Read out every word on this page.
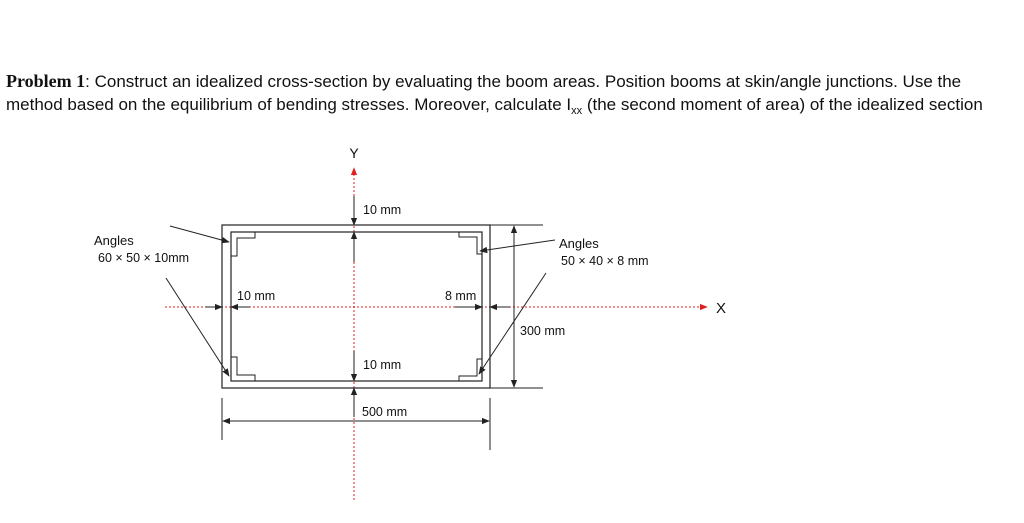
Problem 1: Construct an idealized cross-section by evaluating the boom areas. Position booms at skin/angle junctions. Use the method based on the equilibrium of bending stresses. Moreover, calculate $I_{xx}$ (the second moment of area) of the idealized section
Y
X
10 mm
10 mm
10 mm	8 mm
300 mm
500 mm
Angles
60 × 50 × 10mm
Angles
50 × 40 × 8 mm
